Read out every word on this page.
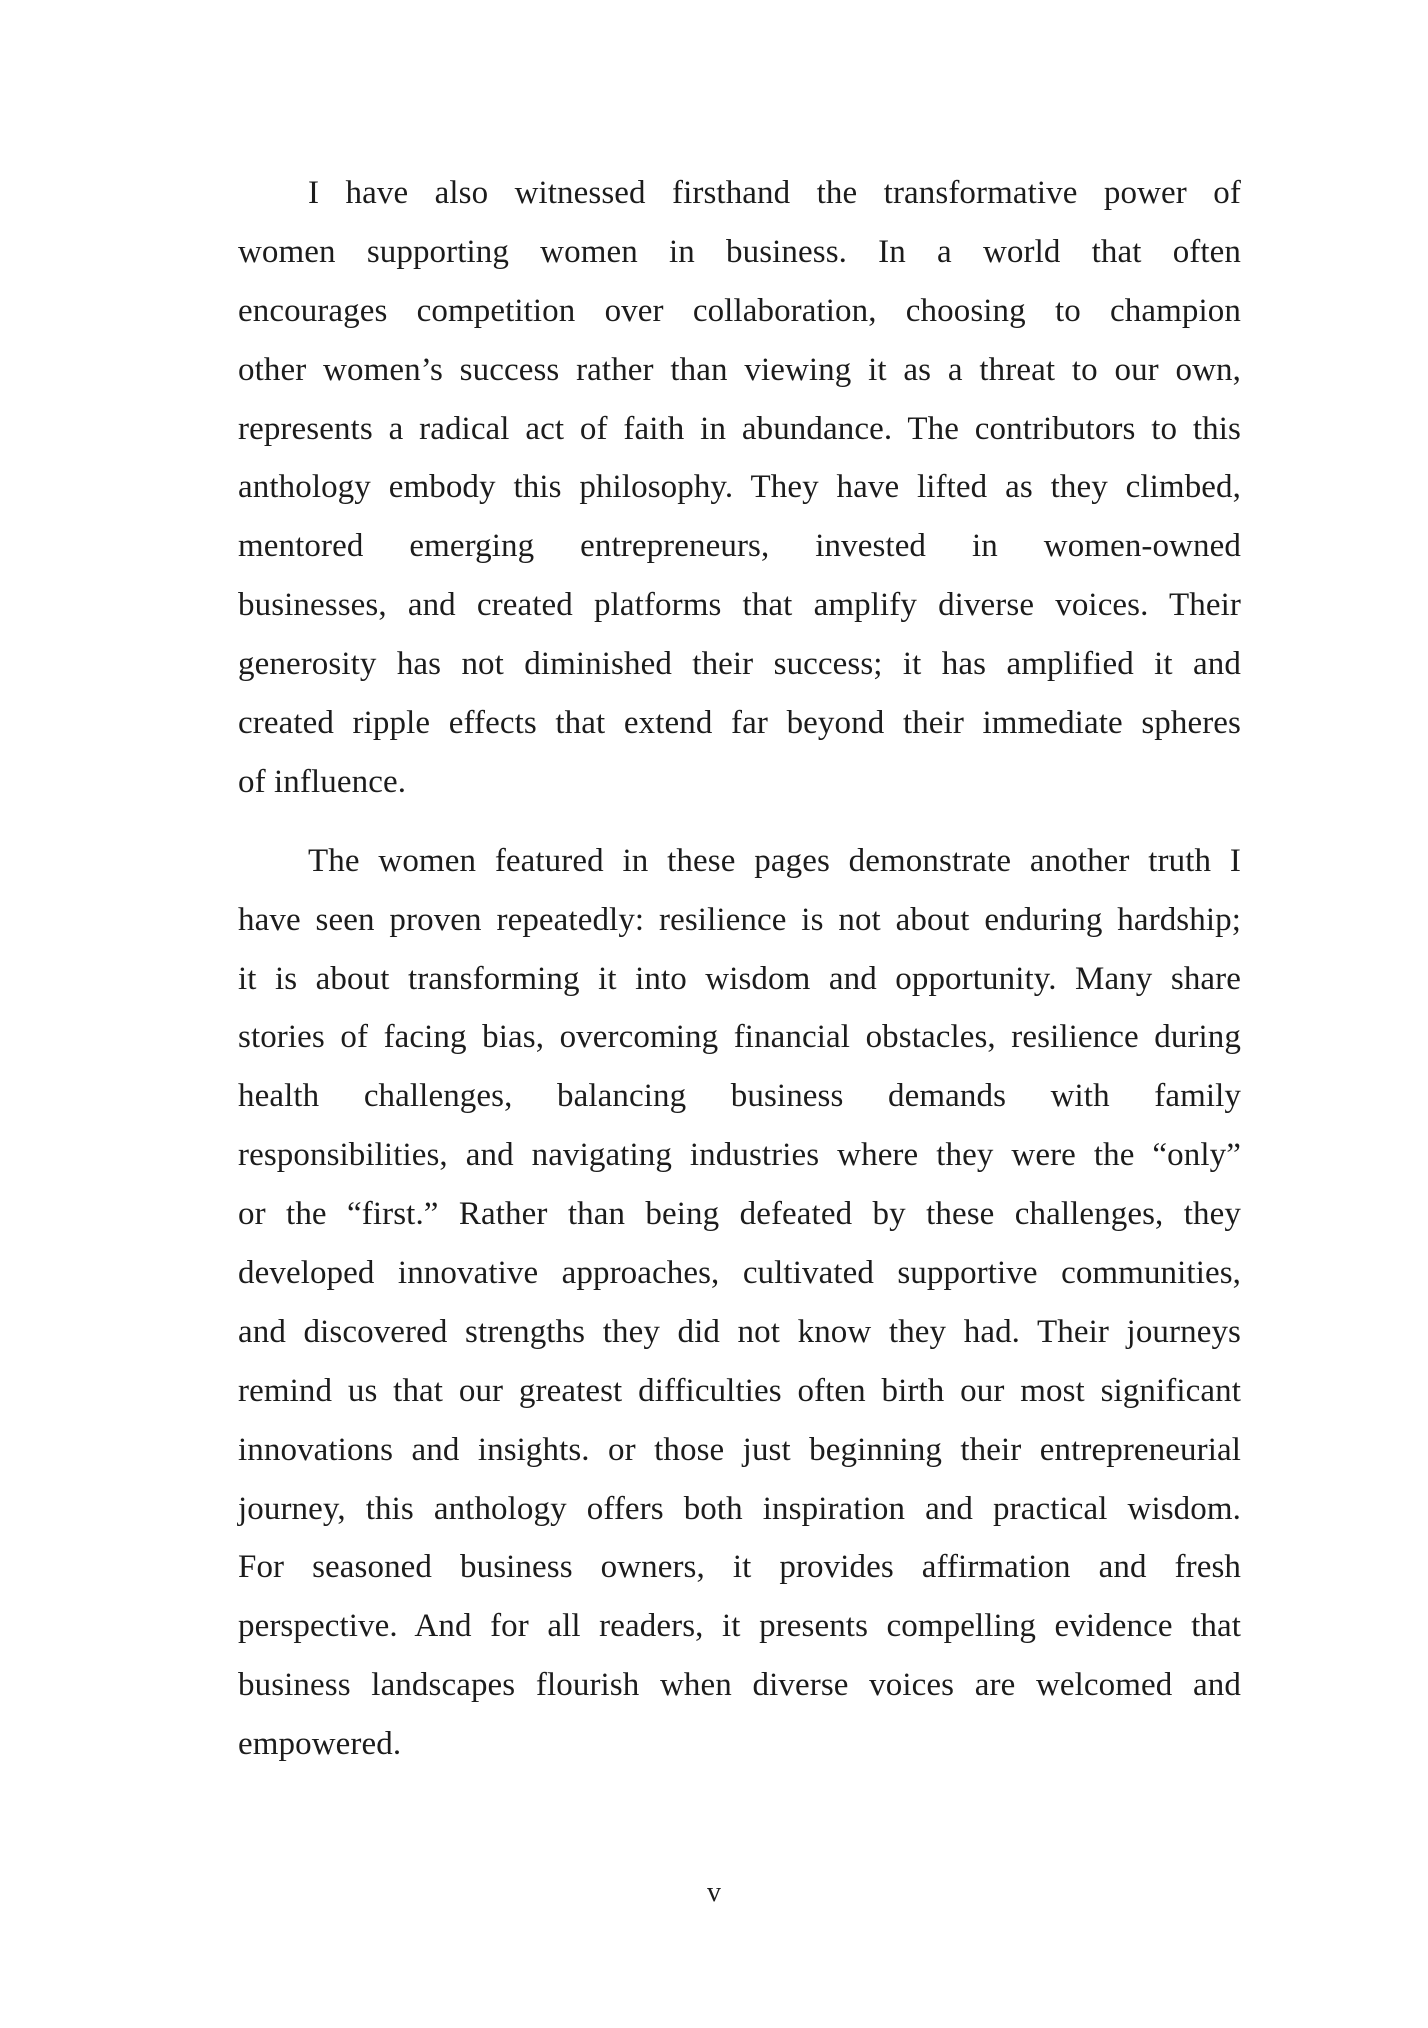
I have also witnessed firsthand the transformative power of
women supporting women in business. In a world that often
encourages competition over collaboration, choosing to champion
other women’s success rather than viewing it as a threat to our own,
represents a radical act of faith in abundance. The contributors to this
anthology embody this philosophy. They have lifted as they climbed,
mentored emerging entrepreneurs, invested in women-owned
businesses, and created platforms that amplify diverse voices. Their
generosity has not diminished their success; it has amplified it and
created ripple effects that extend far beyond their immediate spheres
of influence.

The women featured in these pages demonstrate another truth I
have seen proven repeatedly: resilience is not about enduring hardship;
it is about transforming it into wisdom and opportunity. Many share
stories of facing bias, overcoming financial obstacles, resilience during
health challenges, balancing business demands with family
responsibilities, and navigating industries where they were the “only”
or the “first.” Rather than being defeated by these challenges, they
developed innovative approaches, cultivated supportive communities,
and discovered strengths they did not know they had. Their journeys
remind us that our greatest difficulties often birth our most significant
innovations and insights. or those just beginning their entrepreneurial
journey, this anthology offers both inspiration and practical wisdom.
For seasoned business owners, it provides affirmation and fresh
perspective. And for all readers, it presents compelling evidence that
business landscapes flourish when diverse voices are welcomed and
empowered.

v
